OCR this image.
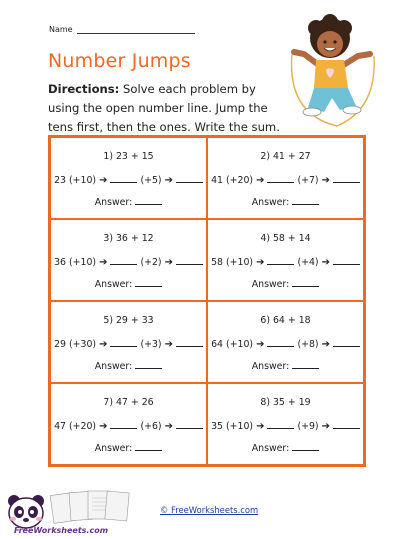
Name
Number Jumps
Directions: Solve each problem by using the open number line. Jump the tens first, then the ones. Write the sum.
1) 23 + 15
23 (+10) ➔	(+5) ➔
Answer:
2) 41 + 27
41 (+20) ➔	(+7) ➔
Answer:
3) 36 + 12
36 (+10) ➔	(+2) ➔
Answer:
4) 58 + 14
58 (+10) ➔	(+4) ➔
Answer:
5) 29 + 33
29 (+30) ➔	(+3) ➔
Answer:
6) 64 + 18
64 (+10) ➔	(+8) ➔
Answer:
7) 47 + 26
47 (+20) ➔	(+6) ➔
Answer:
8) 35 + 19
35 (+10) ➔	(+9) ➔
Answer:
FreeWorksheets.com
© FreeWorksheets.com
